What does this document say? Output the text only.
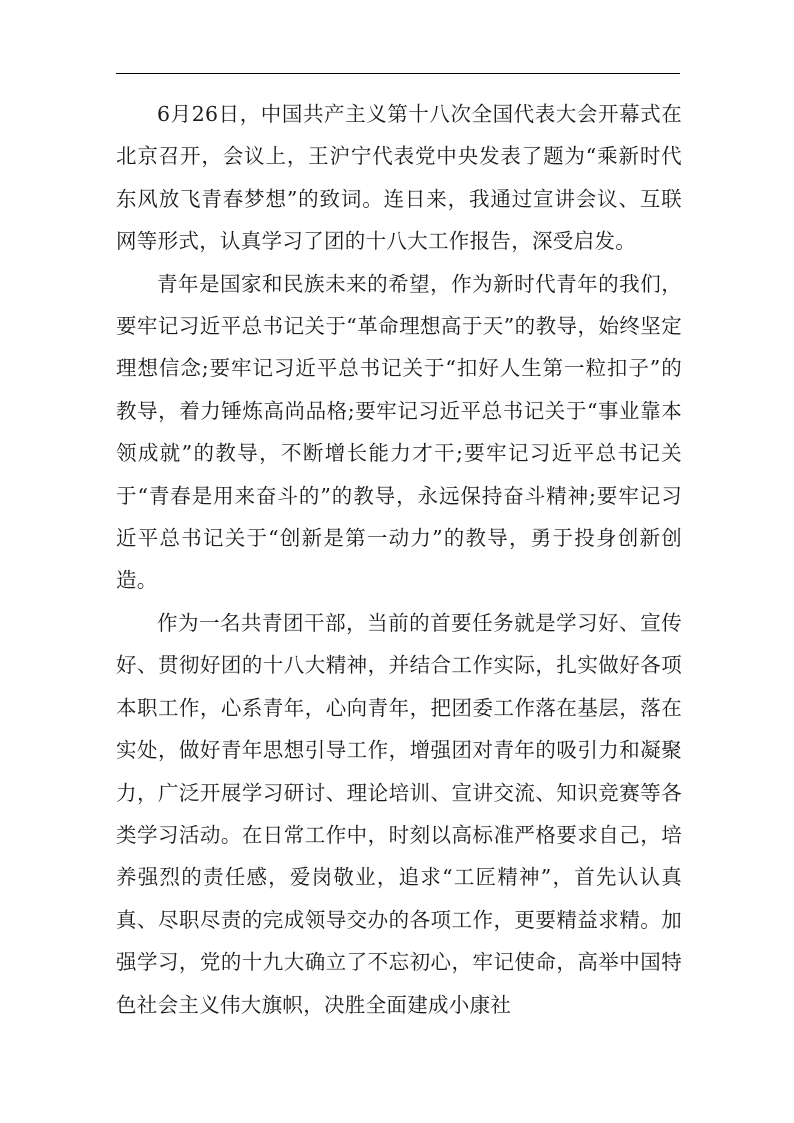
6月26日，中国共产主义第十八次全国代表大会开幕式在北京召开，会议上，王沪宁代表党中央发表了题为“乘新时代东风放飞青春梦想”的致词。连日来，我通过宣讲会议、互联网等形式，认真学习了团的十八大工作报告，深受启发。

青年是国家和民族未来的希望，作为新时代青年的我们，要牢记习近平总书记关于“革命理想高于天”的教导，始终坚定理想信念;要牢记习近平总书记关于“扣好人生第一粒扣子”的教导，着力锤炼高尚品格;要牢记习近平总书记关于“事业靠本领成就”的教导，不断增长能力才干;要牢记习近平总书记关于“青春是用来奋斗的”的教导，永远保持奋斗精神;要牢记习近平总书记关于“创新是第一动力”的教导，勇于投身创新创造。

作为一名共青团干部，当前的首要任务就是学习好、宣传好、贯彻好团的十八大精神，并结合工作实际，扎实做好各项本职工作，心系青年，心向青年，把团委工作落在基层，落在实处，做好青年思想引导工作，增强团对青年的吸引力和凝聚力，广泛开展学习研讨、理论培训、宣讲交流、知识竞赛等各类学习活动。在日常工作中，时刻以高标准严格要求自己，培养强烈的责任感，爱岗敬业，追求“工匠精神”，首先认认真真、尽职尽责的完成领导交办的各项工作，更要精益求精。加强学习，党的十九大确立了不忘初心，牢记使命，高举中国特色社会主义伟大旗帜，决胜全面建成小康社
